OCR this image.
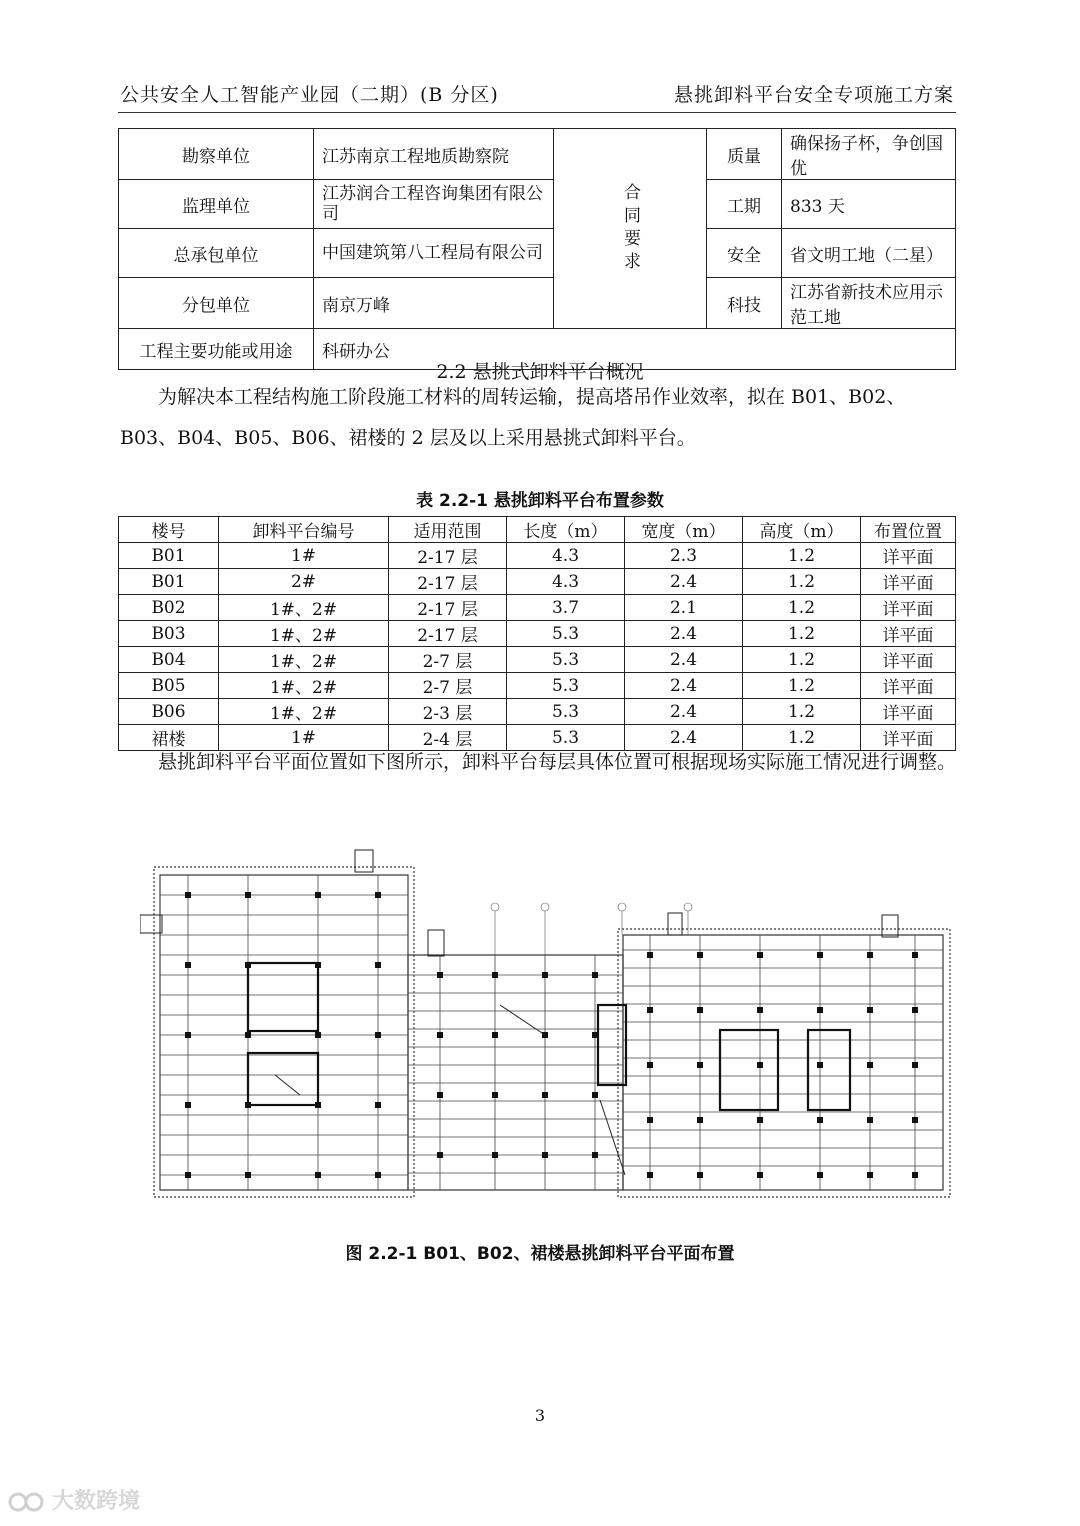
公共安全人工智能产业园（二期）(B 分区)	悬挑卸料平台安全专项施工方案
勘察单位	江苏南京工程地质勘察院	合同要求	质量	确保扬子杯，争创国优
监理单位	江苏润合工程咨询集团有限公司		工期	833 天
总承包单位	中国建筑第八工程局有限公司		安全	省文明工地（二星）
分包单位	南京万峰		科技	江苏省新技术应用示范工地
工程主要功能或用途	科研办公			
2.2 悬挑式卸料平台概况
为解决本工程结构施工阶段施工材料的周转运输，提高塔吊作业效率，拟在 B01、B02、B03、B04、B05、B06、裙楼的 2 层及以上采用悬挑式卸料平台。
表 2.2-1 悬挑卸料平台布置参数
楼号	卸料平台编号	适用范围	长度（m）	宽度（m）	高度（m）	布置位置
B01	1#	2-17 层	4.3	2.3	1.2	详平面
B01	2#	2-17 层	4.3	2.4	1.2	详平面
B02	1#、2#	2-17 层	3.7	2.1	1.2	详平面
B03	1#、2#	2-17 层	5.3	2.4	1.2	详平面
B04	1#、2#	2-7 层	5.3	2.4	1.2	详平面
B05	1#、2#	2-7 层	5.3	2.4	1.2	详平面
B06	1#、2#	2-3 层	5.3	2.4	1.2	详平面
裙楼	1#	2-4 层	5.3	2.4	1.2	详平面
悬挑卸料平台平面位置如下图所示，卸料平台每层具体位置可根据现场实际施工情况进行调整。
图 2.2-1 B01、B02、裙楼悬挑卸料平台平面布置
3
大数跨境
